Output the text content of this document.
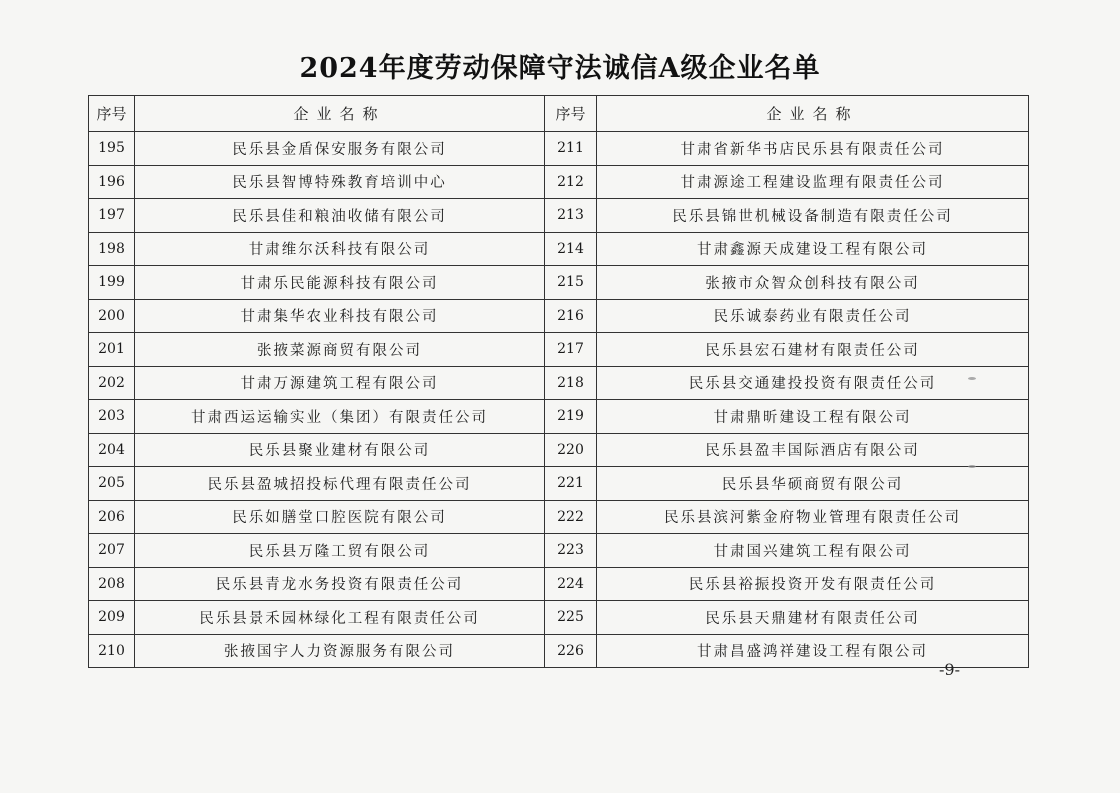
2024年度劳动保障守法诚信A级企业名单
序号	企业名称	序号	企业名称
195	民乐县金盾保安服务有限公司	211	甘肃省新华书店民乐县有限责任公司
196	民乐县智博特殊教育培训中心	212	甘肃源途工程建设监理有限责任公司
197	民乐县佳和粮油收储有限公司	213	民乐县锦世机械设备制造有限责任公司
198	甘肃维尔沃科技有限公司	214	甘肃鑫源天成建设工程有限公司
199	甘肃乐民能源科技有限公司	215	张掖市众智众创科技有限公司
200	甘肃集华农业科技有限公司	216	民乐诚泰药业有限责任公司
201	张掖菜源商贸有限公司	217	民乐县宏石建材有限责任公司
202	甘肃万源建筑工程有限公司	218	民乐县交通建投投资有限责任公司
203	甘肃西运运输实业（集团）有限责任公司	219	甘肃鼎昕建设工程有限公司
204	民乐县聚业建材有限公司	220	民乐县盈丰国际酒店有限公司
205	民乐县盈城招投标代理有限责任公司	221	民乐县华硕商贸有限公司
206	民乐如膳堂口腔医院有限公司	222	民乐县滨河紫金府物业管理有限责任公司
207	民乐县万隆工贸有限公司	223	甘肃国兴建筑工程有限公司
208	民乐县青龙水务投资有限责任公司	224	民乐县裕振投资开发有限责任公司
209	民乐县景禾园林绿化工程有限责任公司	225	民乐县天鼎建材有限责任公司
210	张掖国宇人力资源服务有限公司	226	甘肃昌盛鸿祥建设工程有限公司
-9-
